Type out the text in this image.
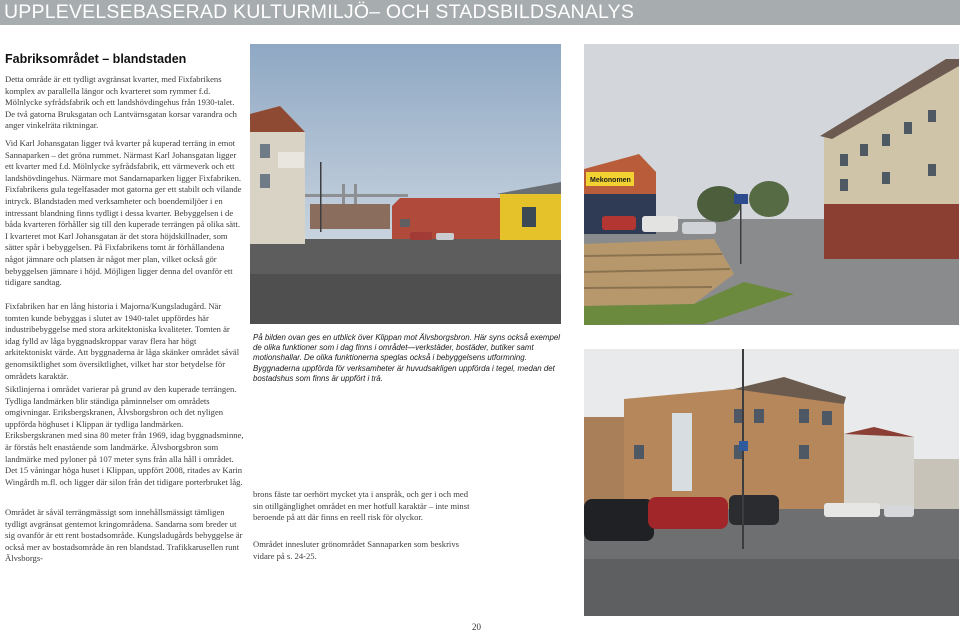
UPPLEVELSEBASERAD KULTURMILJÖ– OCH STADSBILDSANALYS
Fabriksområdet – blandstaden

Detta område är ett tydligt avgränsat kvarter, med Fixfabrikens komplex av parallella längor och kvarteret som rymmer f.d. Mölnlycke syfrådsfabrik och ett landshövdingehus från 1930-talet. De två gatorna Bruksgatan och Lantvärnsgatan korsar varandra och anger vinkelräta riktningar.

Vid Karl Johansgatan ligger två kvarter på kuperad terräng in emot Sannaparken – det gröna rummet. Närmast Karl Johansgatan ligger ett kvarter med f.d. Mölnlycke syfrådsfabrik, ett värmeverk och ett landshövdingehus. Närmare mot Sandarnaparken ligger Fixfabriken. Fixfabrikens gula tegelfasader mot gatorna ger ett stabilt och vilande intryck. Blandstaden med verksamheter och boendemiljöer i en intressant blandning finns tydligt i dessa kvarter. Bebyggelsen i de båda kvarteren förhåller sig till den kuperade terrängen på olika sätt. I kvarteret mot Karl Johansgatan är det stora höjdskillnader, som sätter spår i bebyggelsen. På Fixfabrikens tomt är förhållandena något jämnare och platsen är något mer plan, vilket också gör bebyggelsen jämnare i höjd. Möjligen ligger denna del ovanför ett tidigare sandtag.

Fixfabriken har en lång historia i Majorna/Kungsladugård. När tomten kunde bebyggas i slutet av 1940-talet uppfördes här industribebyggelse med stora arkitektoniska kvaliteter. Tomten är idag fylld av låga byggnadskroppar varav flera har högt arkitektoniskt värde. Att byggnaderna är låga skänker området såväl genomsiktlighet som översiktlighet, vilket har stor betydelse för områdets karaktär.

Siktlinjerna i området varierar på grund av den kuperade terrängen. Tydliga landmärken blir ständiga påminnelser om områdets omgivningar. Eriksbergskranen, Älvsborgsbron och det nyligen uppförda höghuset i Klippan är tydliga landmärken. Eriksbergskranen med sina 80 meter från 1969, idag byggnadsminne, är förstås helt enastående som landmärke. Älvsborgsbron som landmärke med pyloner på 107 meter syns från alla håll i området. Det 15 våningar höga huset i Klippan, uppfört 2008, ritades av Karin Wingårdh m.fl. och ligger där silon från det tidigare porterbruket låg.

Området är såväl terrängmässigt som innehållsmässigt tämligen tydligt avgränsat gentemot kringområdena. Sandarna som breder ut sig ovanför är ett rent bostadsområde. Kungsladugårds bebyggelse är också mer av bostadsområde än ren blandstad. Trafikkarusellen runt Älvsborgs-

Mekonomen

På bilden ovan ges en utblick över Klippan mot Älvsborgsbron. Här syns också exempel de olika funktioner som i dag finns i området—verkstäder, bostäder, butiker samt motionshallar. De olika funktionerna speglas också i bebyggelsens utformning. Byggnaderna uppförda för verksamheter är huvudsakligen uppförda i tegel, medan det bostadshus som finns är uppfört i trä.

brons fäste tar oerhört mycket yta i anspråk, och ger i och med sin otillgänglighet området en mer hotfull karaktär – inte minst beroende på att där finns en reell risk för olyckor.

Området innesluter grönområdet Sannaparken som beskrivs vidare på s. 24-25.

20
